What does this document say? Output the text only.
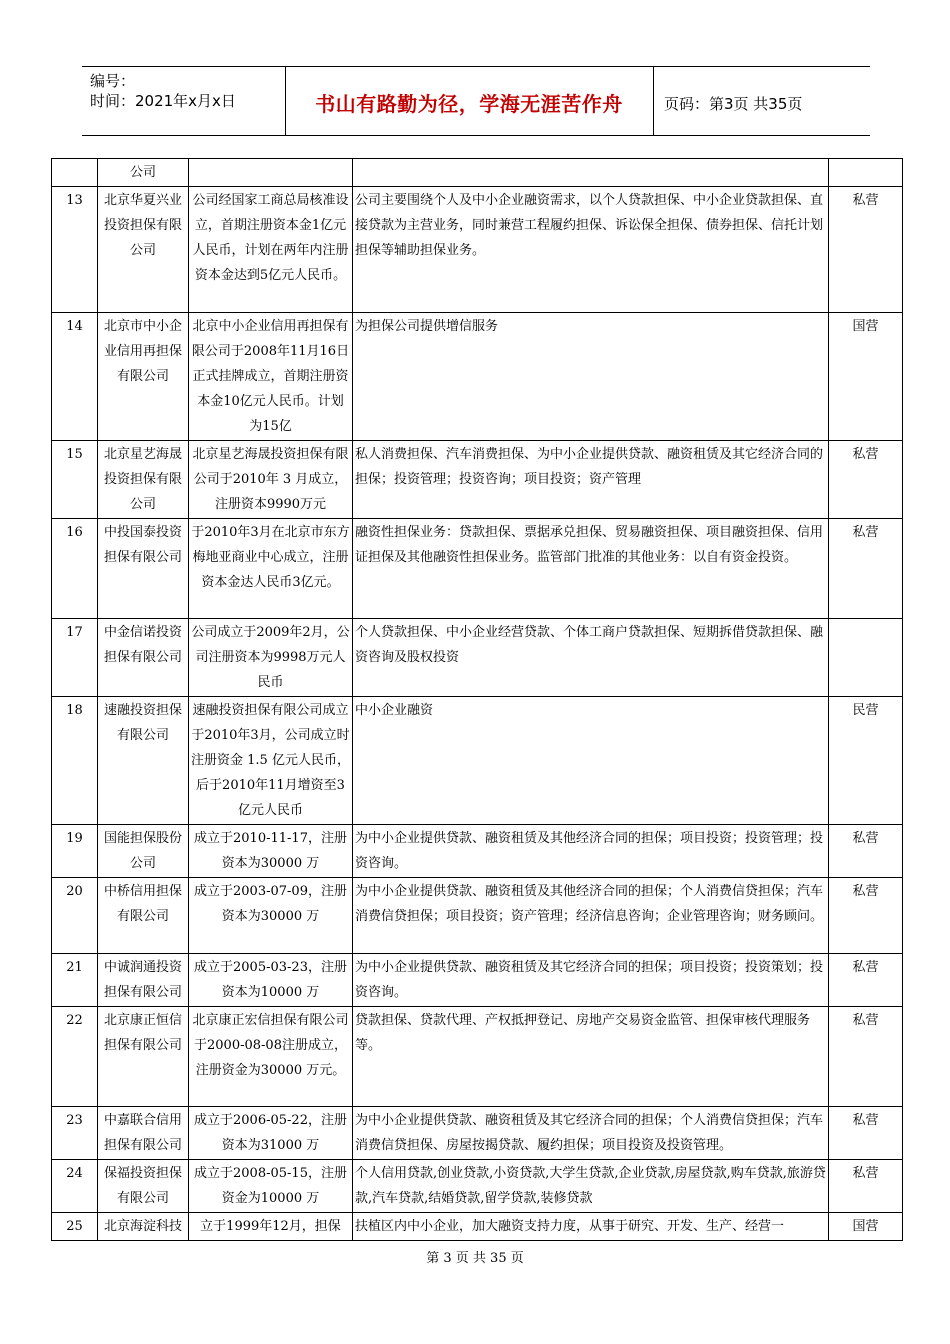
编号：
时间：2021年x月x日	书山有路勤为径，学海无涯苦作舟	页码：第3页 共35页
	公司			
13	北京华夏兴业投资担保有限公司	公司经国家工商总局核准设立，首期注册资本金1亿元人民币，计划在两年内注册资本金达到5亿元人民币。	公司主要围绕个人及中小企业融资需求，以个人贷款担保、中小企业贷款担保、直接贷款为主营业务，同时兼营工程履约担保、诉讼保全担保、债券担保、信托计划担保等辅助担保业务。	私营
14	北京市中小企业信用再担保有限公司	北京中小企业信用再担保有限公司于2008年11月16日正式挂牌成立，首期注册资本金10亿元人民币。计划为15亿	为担保公司提供增信服务	国营
15	北京星艺海晟投资担保有限公司	北京星艺海晟投资担保有限公司于2010年 3 月成立，注册资本9990万元	私人消费担保、汽车消费担保、为中小企业提供贷款、融资租赁及其它经济合同的担保；投资管理；投资咨询；项目投资；资产管理	私营
16	中投国泰投资担保有限公司	于2010年3月在北京市东方梅地亚商业中心成立，注册资本金达人民币3亿元。	融资性担保业务：贷款担保、票据承兑担保、贸易融资担保、项目融资担保、信用证担保及其他融资性担保业务。监管部门批准的其他业务：以自有资金投资。	私营
17	中金信诺投资担保有限公司	公司成立于2009年2月，公司注册资本为9998万元人民币	个人贷款担保、中小企业经营贷款、个体工商户贷款担保、短期拆借贷款担保、融资咨询及股权投资	
18	速融投资担保有限公司	速融投资担保有限公司成立于2010年3月，公司成立时注册资金 1.5 亿元人民币，后于2010年11月增资至3亿元人民币	中小企业融资	民营
19	国能担保股份公司	成立于2010-11-17，注册资本为30000 万	为中小企业提供贷款、融资租赁及其他经济合同的担保；项目投资；投资管理；投资咨询。	私营
20	中桥信用担保有限公司	成立于2003-07-09，注册资本为30000 万	为中小企业提供贷款、融资租赁及其他经济合同的担保；个人消费信贷担保；汽车消费信贷担保；项目投资；资产管理；经济信息咨询；企业管理咨询；财务顾问。	私营
21	中诚润通投资担保有限公司	成立于2005-03-23，注册资本为10000 万	为中小企业提供贷款、融资租赁及其它经济合同的担保；项目投资；投资策划；投资咨询。	私营
22	北京康正恒信担保有限公司	北京康正宏信担保有限公司于2000-08-08注册成立，注册资金为30000 万元。	贷款担保、贷款代理、产权抵押登记、房地产交易资金监管、担保审核代理服务等。	私营
23	中嘉联合信用担保有限公司	成立于2006-05-22，注册资本为31000 万	为中小企业提供贷款、融资租赁及其它经济合同的担保；个人消费信贷担保；汽车消费信贷担保、房屋按揭贷款、履约担保；项目投资及投资管理。	私营
24	保福投资担保有限公司	成立于2008-05-15，注册资金为10000 万	个人信用贷款,创业贷款,小资贷款,大学生贷款,企业贷款,房屋贷款,购车贷款,旅游贷款,汽车贷款,结婚贷款,留学贷款,装修贷款	私营
25	北京海淀科技	立于1999年12月，担保	扶植区内中小企业，加大融资支持力度，从事于研究、开发、生产、经营一	国营
第 3 页 共 35 页
